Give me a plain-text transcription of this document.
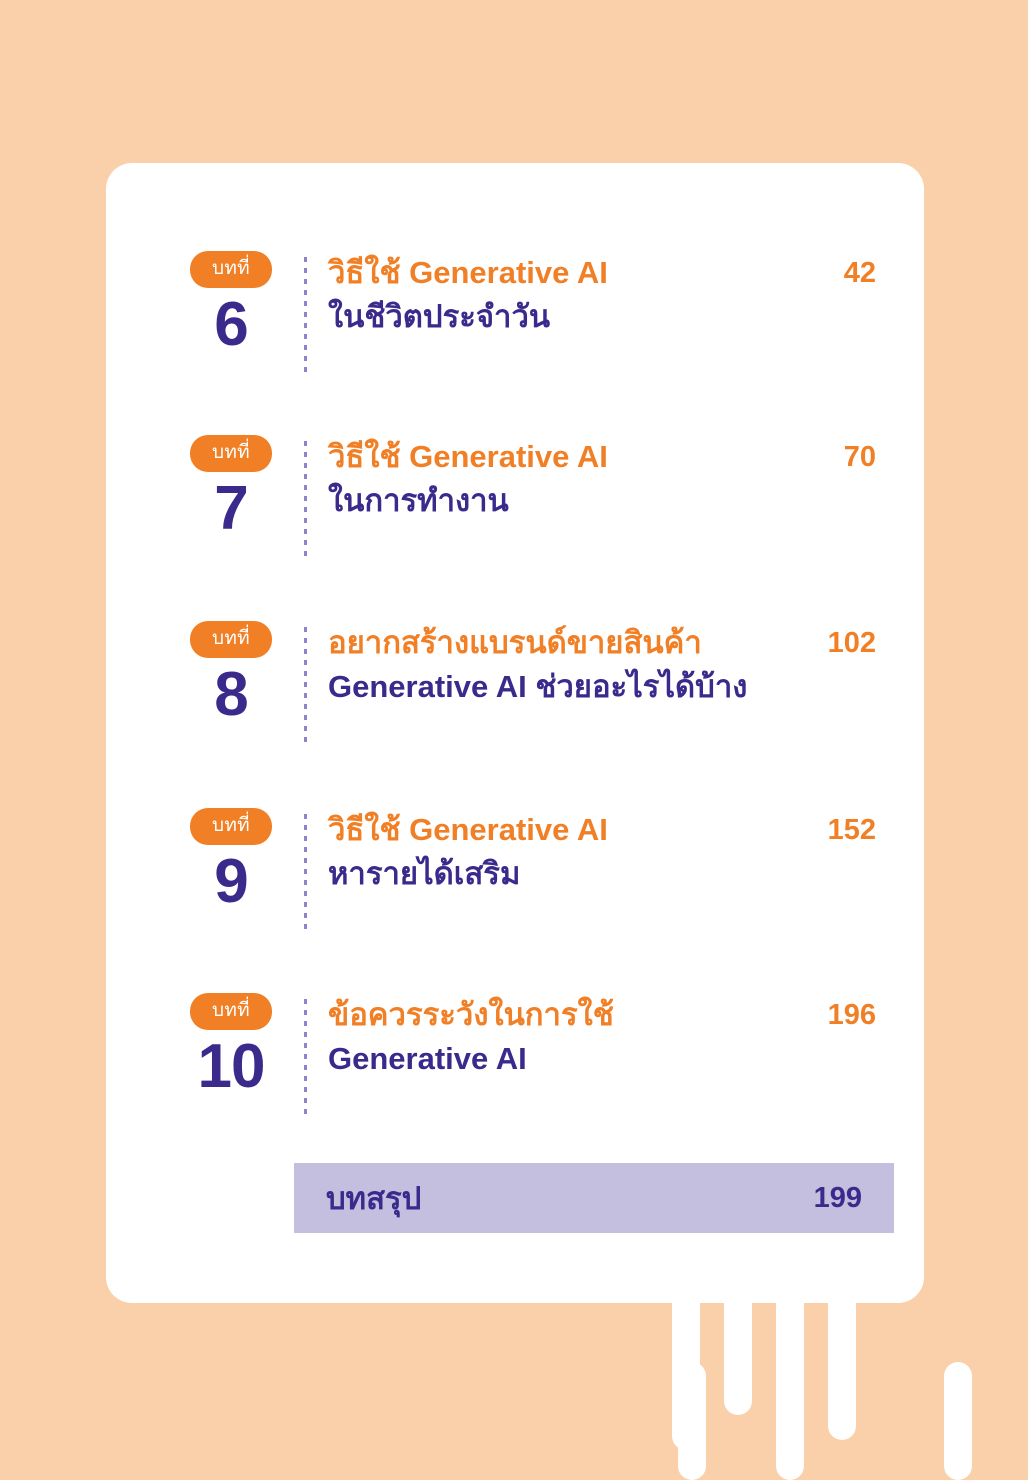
บทที่
6
วิธีใช้ Generative AI
ในชีวิตประจำวัน
42
บทที่
7
วิธีใช้ Generative AI
ในการทำงาน
70
บทที่
8
อยากสร้างแบรนด์ขายสินค้า
Generative AI ช่วยอะไรได้บ้าง
102
บทที่
9
วิธีใช้ Generative AI
หารายได้เสริม
152
บทที่
10
ข้อควรระวังในการใช้
Generative AI
196
บทสรุป	199
